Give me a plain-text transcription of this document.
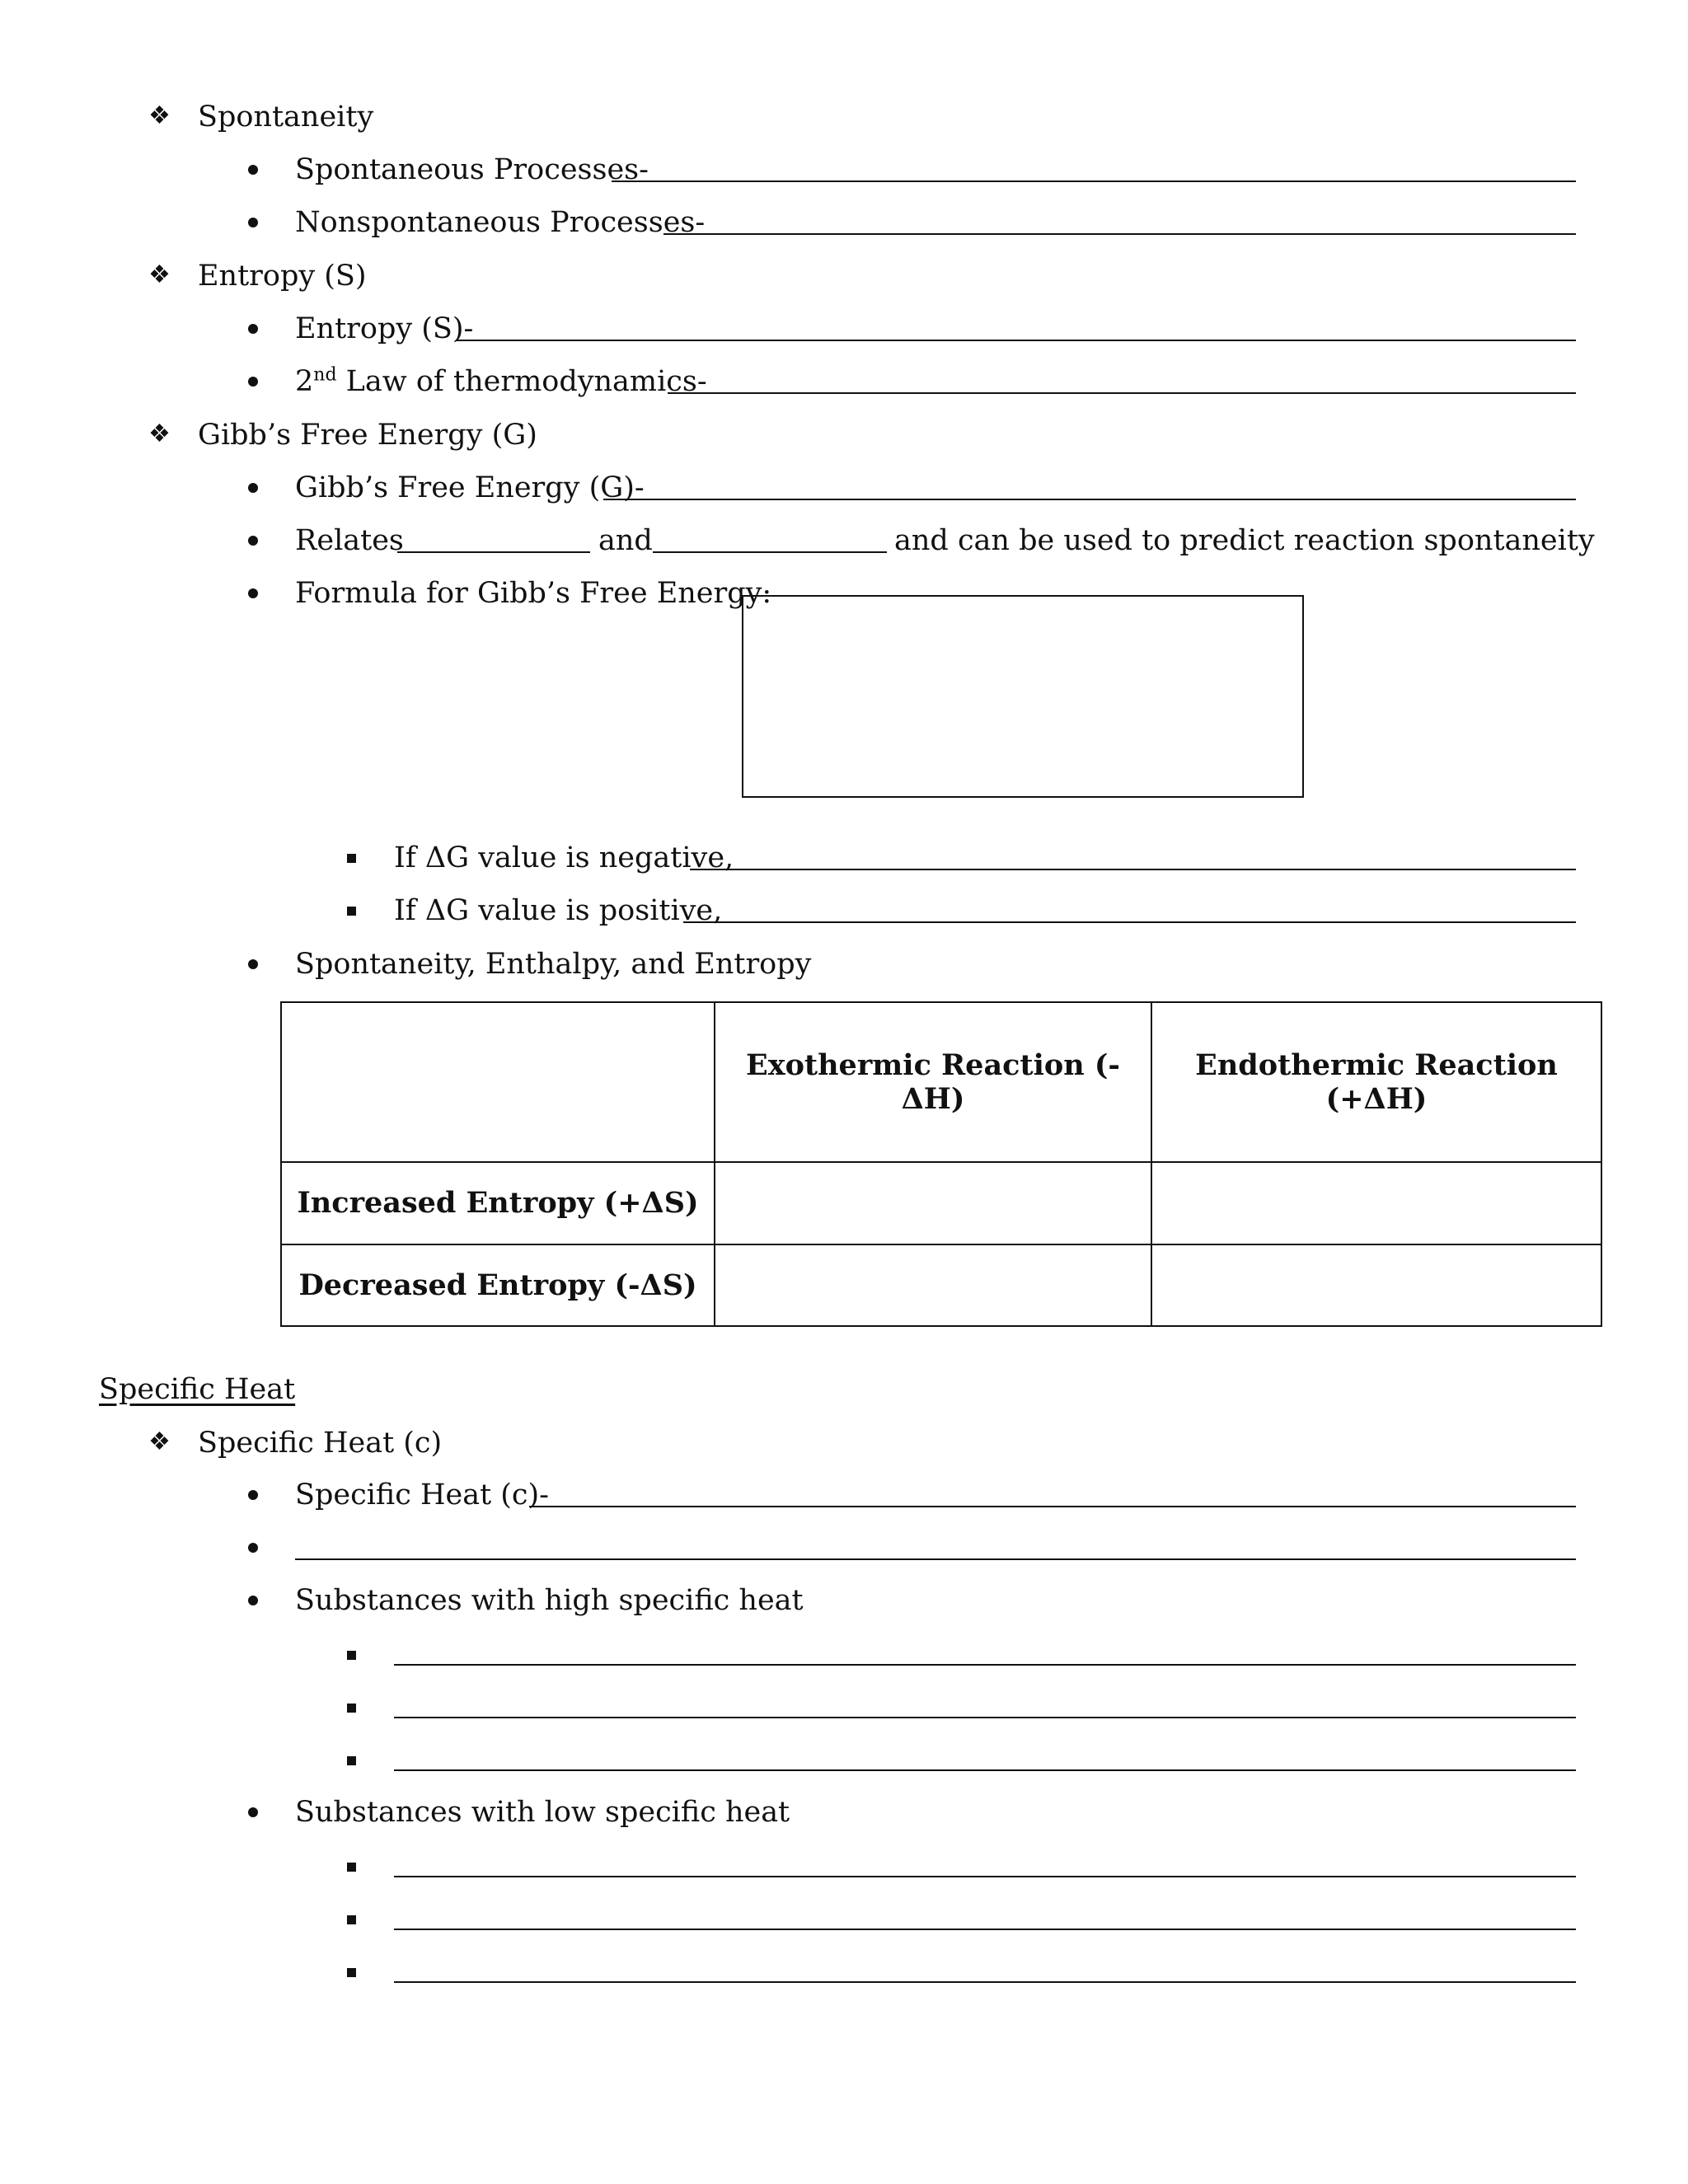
❖ Spontaneity
Spontaneous Processes-
Nonspontaneous Processes-
❖ Entropy (S)
Entropy (S)-
2nd Law of thermodynamics-
❖ Gibb’s Free Energy (G)
Gibb’s Free Energy (G)-
Relates	and	and can be used to predict reaction spontaneity
Formula for Gibb’s Free Energy:
If ΔG value is negative,
If ΔG value is positive,
Spontaneity, Enthalpy, and Entropy
	Exothermic Reaction (-ΔH)	Endothermic Reaction (+ΔH)
Increased Entropy (+ΔS)		
Decreased Entropy (-ΔS)		
Specific Heat
❖ Specific Heat (c)
Specific Heat (c)-
Substances with high specific heat
Substances with low specific heat
